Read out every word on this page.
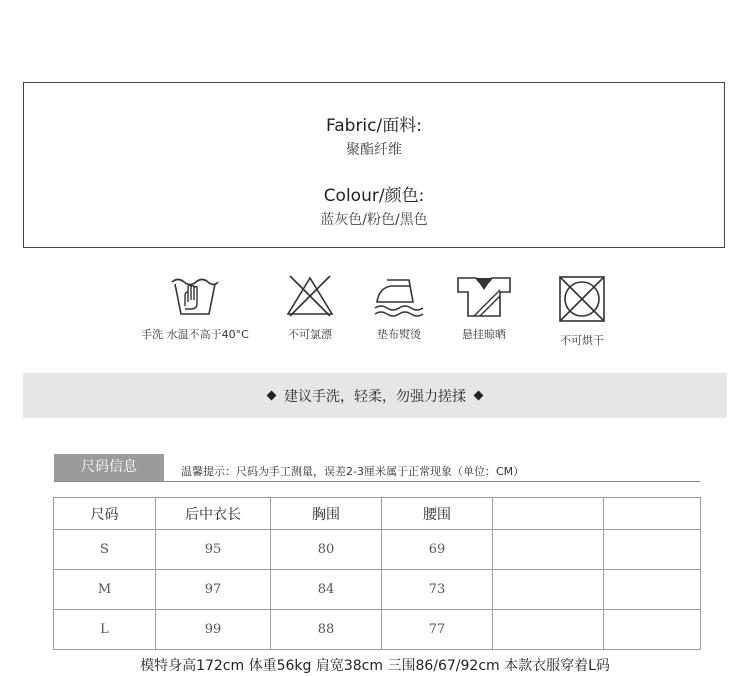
Fabric/面料:
聚酯纤维
Colour/颜色:
蓝灰色/粉色/黑色
手洗 水温不高于40°C	不可氯漂	垫布熨烫	悬挂晾晒	不可烘干
建议手洗，轻柔，勿强力搓揉
尺码信息	温馨提示：尺码为手工测量，误差2-3厘米属于正常现象（单位：CM）
尺码	后中衣长	胸围	腰围		
S	95	80	69		
M	97	84	73		
L	99	88	77		
模特身高172cm 体重56kg 肩宽38cm 三围86/67/92cm 本款衣服穿着L码
